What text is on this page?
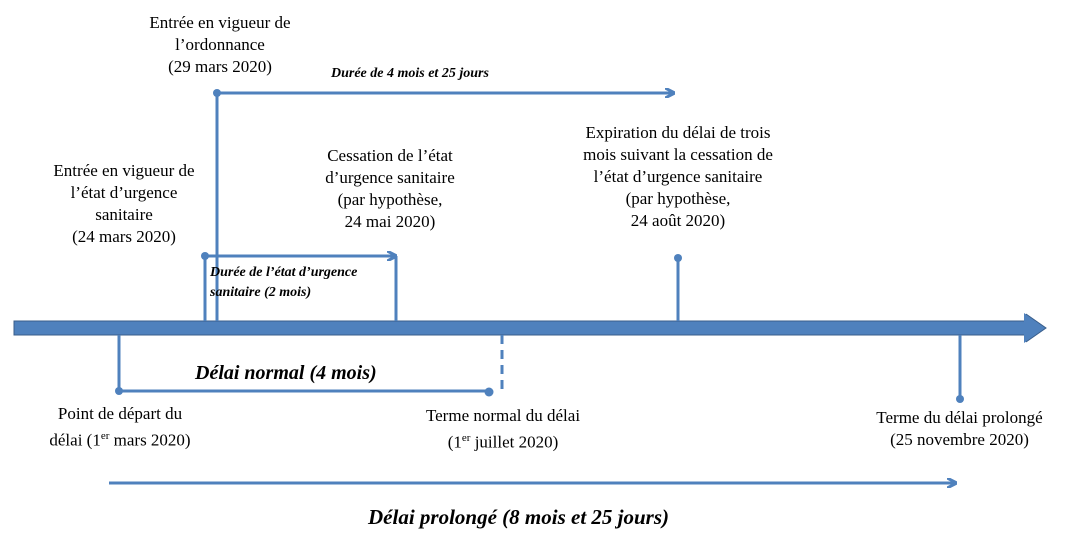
Entrée en vigueur de
l’ordonnance
(29 mars 2020)	Durée de 4 mois et 25 jours
Entrée en vigueur de
l’état d’urgence
sanitaire
(24 mars 2020)
Cessation de l’état
d’urgence sanitaire
(par hypothèse,
24 mai 2020)
Durée de l’état d’urgence
sanitaire (2 mois)
Expiration du délai de trois
mois suivant la cessation de
l’état d’urgence sanitaire
(par hypothèse,
24 août 2020)
Délai normal (4 mois)
Point de départ du
délai (1er mars 2020)
Terme normal du délai
(1er juillet 2020)
Terme du délai prolongé
(25 novembre 2020)
Délai prolongé (8 mois et 25 jours)
